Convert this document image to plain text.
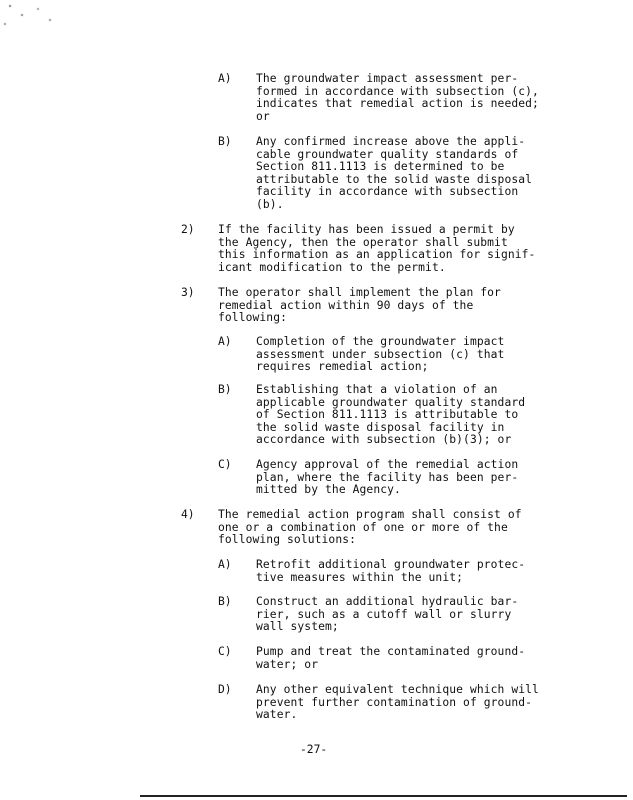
A) The groundwater impact assessment per-
formed in accordance with subsection (c),
indicates that remedial action is needed;
or
B) Any confirmed increase above the appli-
cable groundwater quality standards of
Section 811.1113 is determined to be
attributable to the solid waste disposal
facility in accordance with subsection
(b).
2) If the facility has been issued a permit by
the Agency, then the operator shall submit
this information as an application for signif-
icant modification to the permit.
3) The operator shall implement the plan for
remedial action within 90 days of the
following:
A) Completion of the groundwater impact
assessment under subsection (c) that
requires remedial action;
B) Establishing that a violation of an
applicable groundwater quality standard
of Section 811.1113 is attributable to
the solid waste disposal facility in
accordance with subsection (b)(3); or
C) Agency approval of the remedial action
plan, where the facility has been per-
mitted by the Agency.
4) The remedial action program shall consist of
one or a combination of one or more of the
following solutions:
A) Retrofit additional groundwater protec-
tive measures within the unit;
B) Construct an additional hydraulic bar-
rier, such as a cutoff wall or slurry
wall system;
C) Pump and treat the contaminated ground-
water; or
D) Any other equivalent technique which will
prevent further contamination of ground-
water.
-27-
